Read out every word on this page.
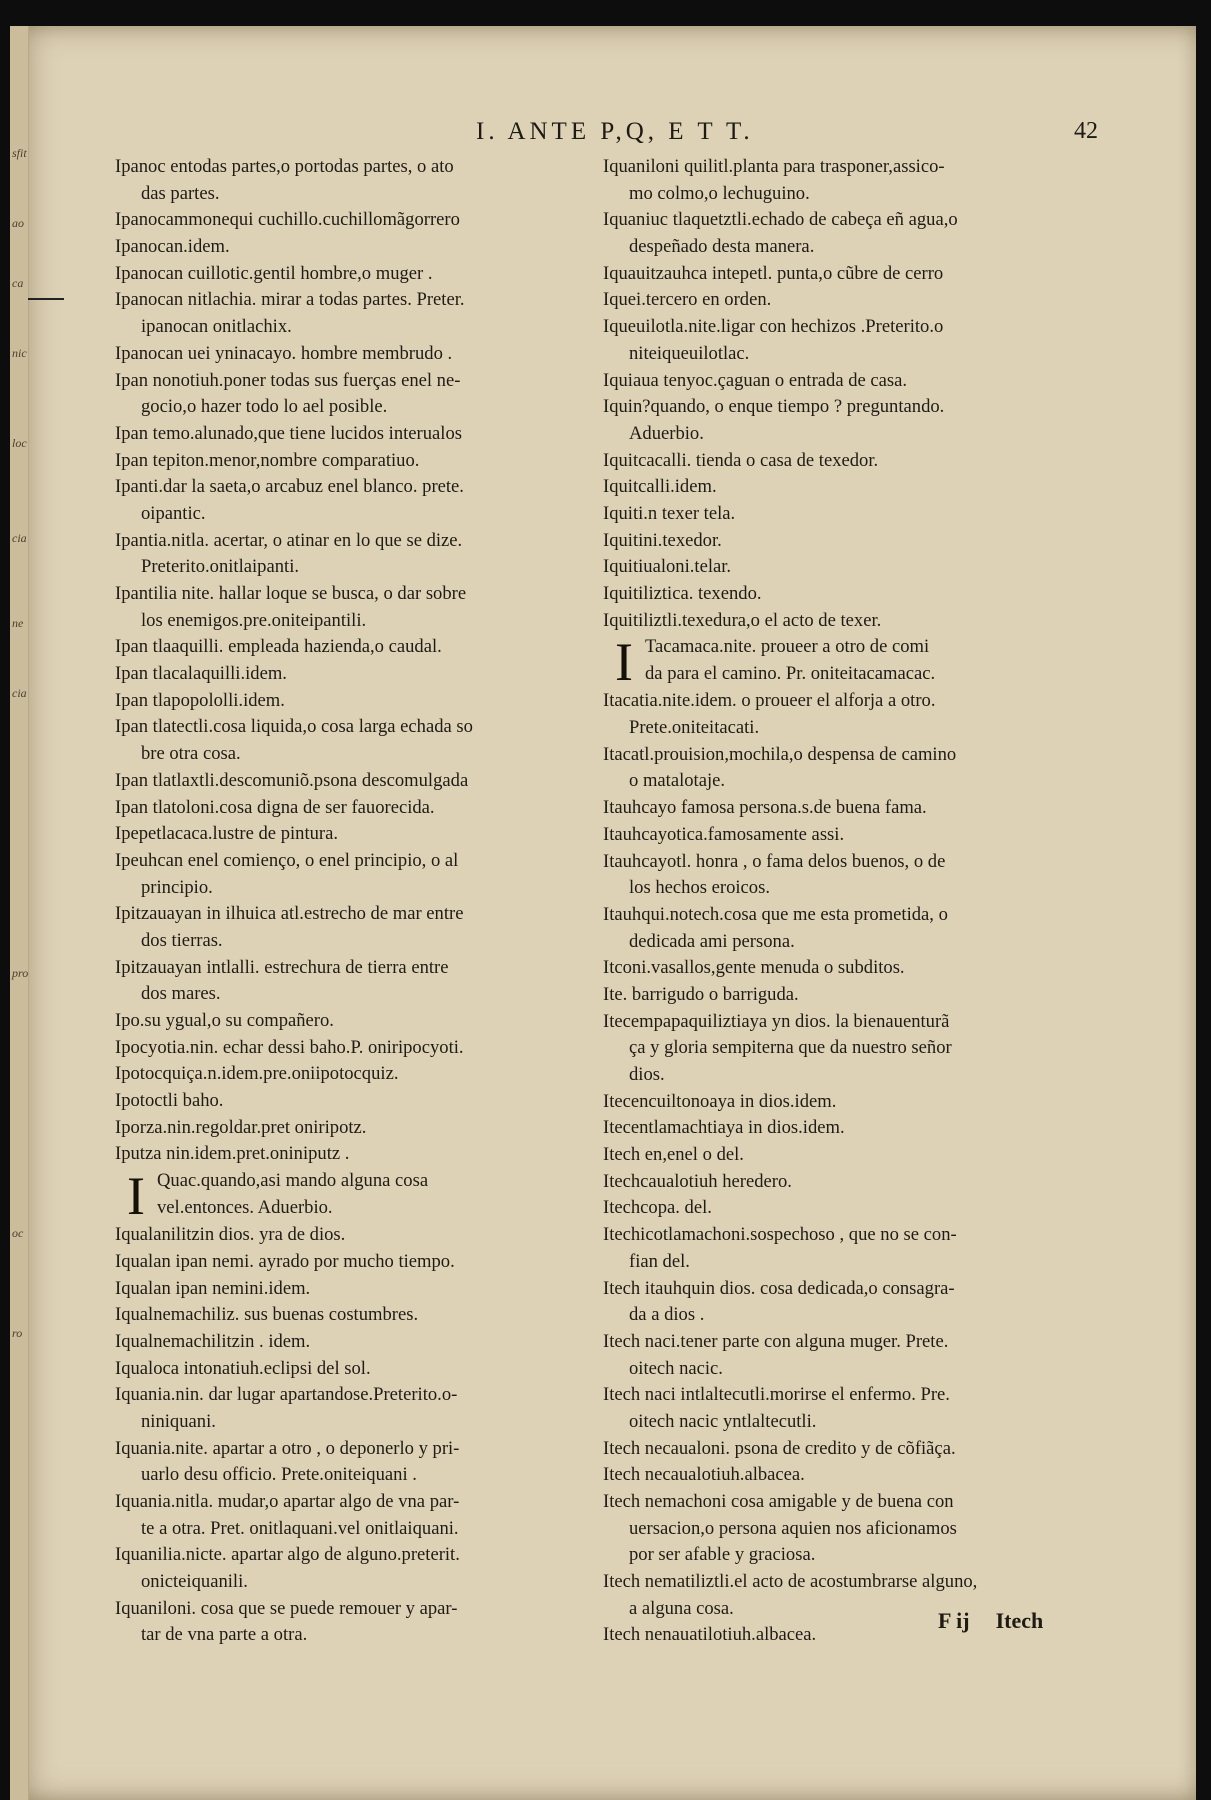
sfit
ao
ca
nic
loc
cia
ne
cia
pro
oc
ro
I. ANTE P,Q, E T T.	42
Ipanoc entodas partes,o portodas partes, o ato
das partes.
Ipanocammonequi cuchillo.cuchillomãgorrero
Ipanocan.idem.
Ipanocan cuillotic.gentil hombre,o muger .
Ipanocan nitlachia. mirar a todas partes. Preter.
ipanocan onitlachix.
Ipanocan uei yninacayo. hombre membrudo .
Ipan nonotiuh.poner todas sus fuerças enel ne-
gocio,o hazer todo lo ael posible.
Ipan temo.alunado,que tiene lucidos interualos
Ipan tepiton.menor,nombre comparatiuo.
Ipanti.dar la saeta,o arcabuz enel blanco. prete.
oipantic.
Ipantia.nitla. acertar, o atinar en lo que se dize.
Preterito.onitlaipanti.
Ipantilia nite. hallar loque se busca, o dar sobre
los enemigos.pre.oniteipantili.
Ipan tlaaquilli. empleada hazienda,o caudal.
Ipan tlacalaquilli.idem.
Ipan tlapopololli.idem.
Ipan tlatectli.cosa liquida,o cosa larga echada so
bre otra cosa.
Ipan tlatlaxtli.descomuniõ.psona descomulgada
Ipan tlatoloni.cosa digna de ser fauorecida.
Ipepetlacaca.lustre de pintura.
Ipeuhcan enel comienço, o enel principio, o al
principio.
Ipitzauayan in ilhuica atl.estrecho de mar entre
dos tierras.
Ipitzauayan intlalli. estrechura de tierra entre
dos mares.
Ipo.su ygual,o su compañero.
Ipocyotia.nin. echar dessi baho.P. oniripocyoti.
Ipotocquiça.n.idem.pre.oniipotocquiz.
Ipotoctli baho.
Iporza.nin.regoldar.pret oniripotz.
Iputza nin.idem.pret.oniniputz .
I Quac.quando,asi mando alguna cosa
vel.entonces. Aduerbio.
Iqualanilitzin dios. yra de dios.
Iqualan ipan nemi. ayrado por mucho tiempo.
Iqualan ipan nemini.idem.
Iqualnemachiliz. sus buenas costumbres.
Iqualnemachilitzin . idem.
Iqualoca intonatiuh.eclipsi del sol.
Iquania.nin. dar lugar apartandose.Preterito.o-
niniquani.
Iquania.nite. apartar a otro , o deponerlo y pri-
uarlo desu officio. Prete.oniteiquani .
Iquania.nitla. mudar,o apartar algo de vna par-
te a otra. Pret. onitlaquani.vel onitlaiquani.
Iquanilia.nicte. apartar algo de alguno.preterit.
onicteiquanili.
Iquaniloni. cosa que se puede remouer y apar-
tar de vna parte a otra.
Iquaniloni quilitl.planta para trasponer,assico-
mo colmo,o lechuguino.
Iquaniuc tlaquetztli.echado de cabeça eñ agua,o
despeñado desta manera.
Iquauitzauhca intepetl. punta,o cũbre de cerro
Iquei.tercero en orden.
Iqueuilotla.nite.ligar con hechizos .Preterito.o
niteiqueuilotlac.
Iquiaua tenyoc.çaguan o entrada de casa.
Iquin?quando, o enque tiempo ? preguntando.
Aduerbio.
Iquitcacalli. tienda o casa de texedor.
Iquitcalli.idem.
Iquiti.n texer tela.
Iquitini.texedor.
Iquitiualoni.telar.
Iquitiliztica. texendo.
Iquitiliztli.texedura,o el acto de texer.
I Tacamaca.nite. proueer a otro de comi
da para el camino. Pr. oniteitacamacac.
Itacatia.nite.idem. o proueer el alforja a otro.
Prete.oniteitacati.
Itacatl.prouision,mochila,o despensa de camino
o matalotaje.
Itauhcayo famosa persona.s.de buena fama.
Itauhcayotica.famosamente assi.
Itauhcayotl. honra , o fama delos buenos, o de
los hechos eroicos.
Itauhqui.notech.cosa que me esta prometida, o
dedicada ami persona.
Itconi.vasallos,gente menuda o subditos.
Ite. barrigudo o barriguda.
Itecempapaquiliztiaya yn dios. la bienauenturã
ça y gloria sempiterna que da nuestro señor
dios.
Itecencuiltonoaya in dios.idem.
Itecentlamachtiaya in dios.idem.
Itech en,enel o del.
Itechcaualotiuh heredero.
Itechcopa. del.
Itechicotlamachoni.sospechoso , que no se con-
fian del.
Itech itauhquin dios. cosa dedicada,o consagra-
da a dios .
Itech naci.tener parte con alguna muger. Prete.
oitech nacic.
Itech naci intlaltecutli.morirse el enfermo. Pre.
oitech nacic yntlaltecutli.
Itech necaualoni. psona de credito y de cõfiãça.
Itech necaualotiuh.albacea.
Itech nemachoni cosa amigable y de buena con
uersacion,o persona aquien nos aficionamos
por ser afable y graciosa.
Itech nematiliztli.el acto de acostumbrarse alguno,
a alguna cosa.
Itech nenauatilotiuh.albacea.
F ij Itech
